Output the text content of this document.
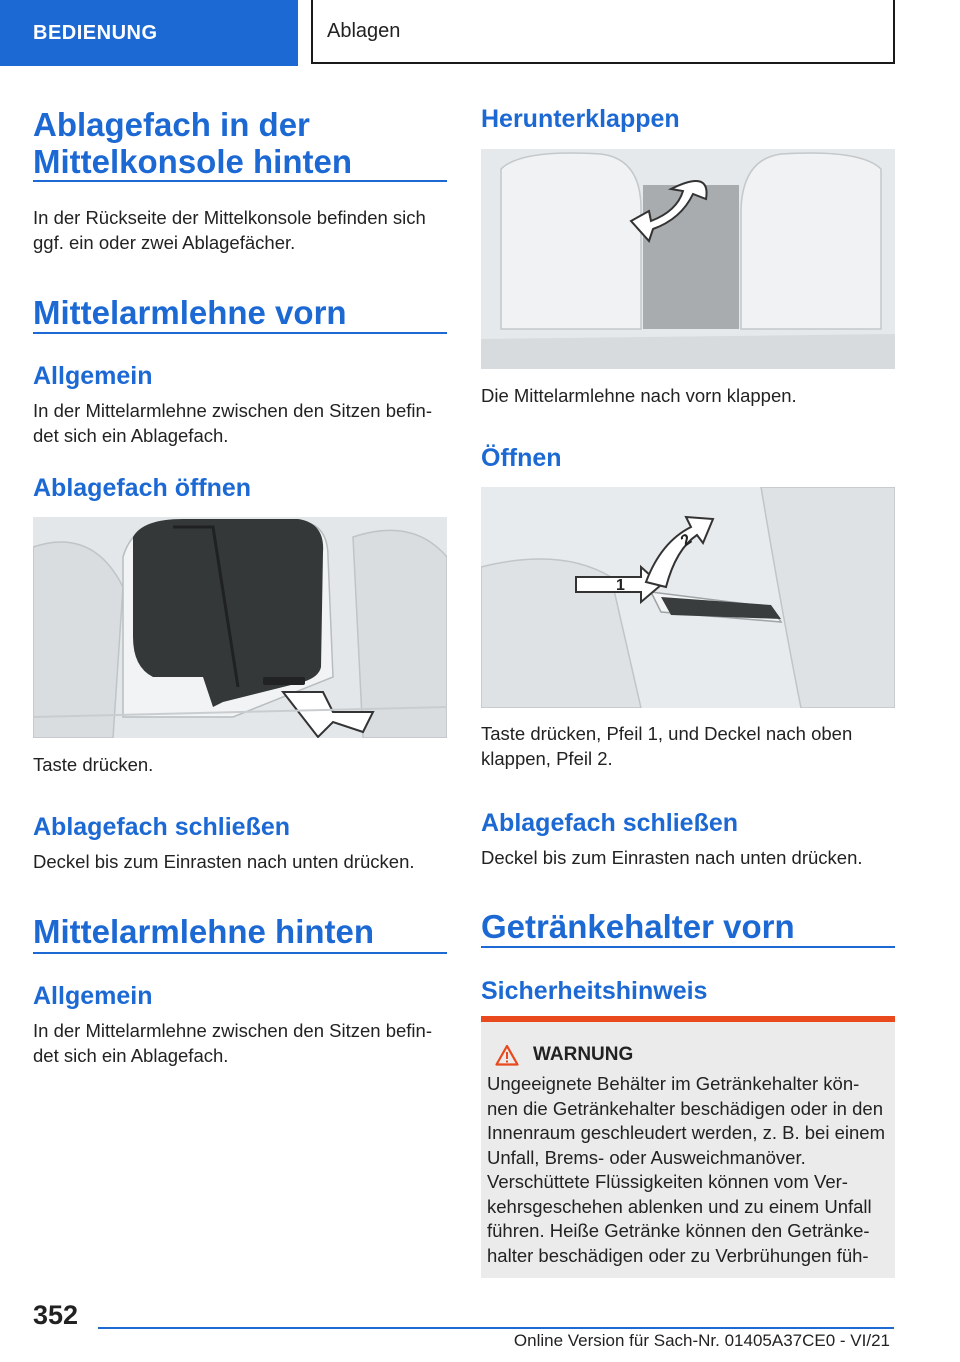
BEDIENUNG	Ablagen
Ablagefach in der Mittelkonsole hinten

In der Rückseite der Mittelkonsole befinden sich ggf. ein oder zwei Ablagefächer.

Mittelarmlehne vorn
Allgemein

In der Mittelarmlehne zwischen den Sitzen befin-det sich ein Ablagefach.

Ablagefach öffnen

Taste drücken.

Ablagefach schließen

Deckel bis zum Einrasten nach unten drücken.

Mittelarmlehne hinten
Allgemein

In der Mittelarmlehne zwischen den Sitzen befin-det sich ein Ablagefach.

Herunterklappen

Die Mittelarmlehne nach vorn klappen.

Öffnen
1
2

Taste drücken, Pfeil 1, und Deckel nach oben klappen, Pfeil 2.

Ablagefach schließen

Deckel bis zum Einrasten nach unten drücken.

Getränkehalter vorn
Sicherheitshinweis
WARNUNG

Ungeeignete Behälter im Getränkehalter kön-nen die Getränkehalter beschädigen oder in den Innenraum geschleudert werden, z. B. bei einem Unfall, Brems- oder Ausweichmanöver. Verschüttete Flüssigkeiten können vom Ver-kehrsgeschehen ablenken und zu einem Unfall führen. Heiße Getränke können den Getränke-halter beschädigen oder zu Verbrühungen füh-

352
Online Version für Sach-Nr. 01405A37CE0 - VI/21
